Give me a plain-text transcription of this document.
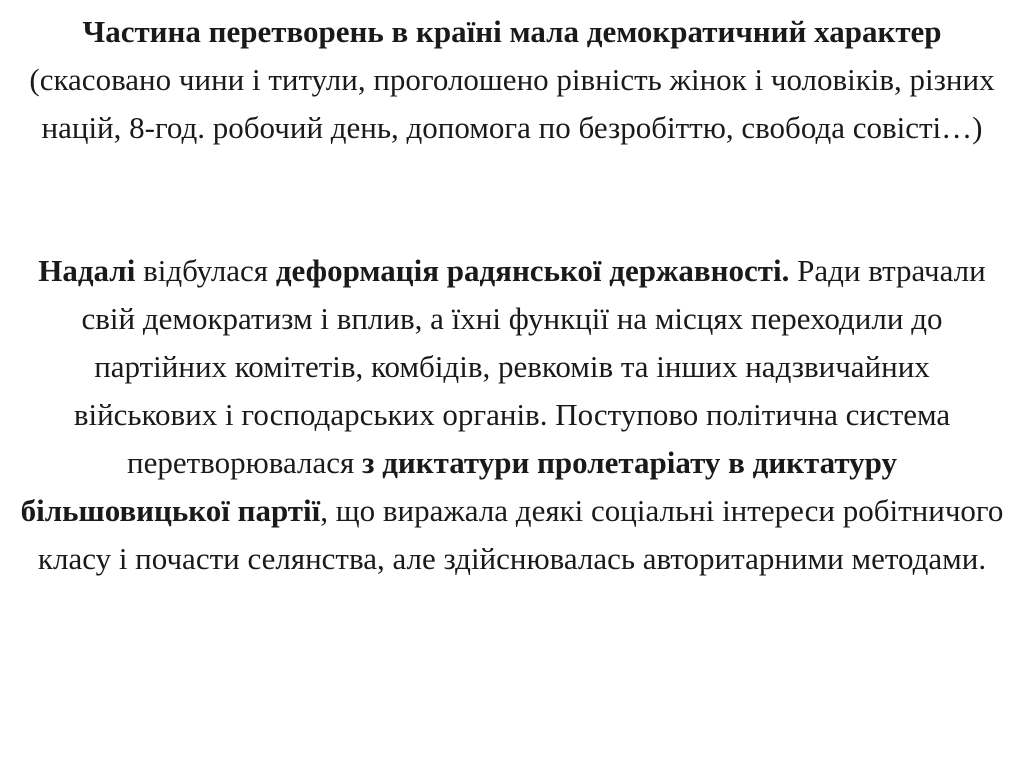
Частина перетворень в країні мала демократичний характер (скасовано чини і титули, проголошено рівність жінок і чоловіків, різних націй, 8-год. робочий день, допомога по безробіттю, свобода совісті…)

Надалі відбулася деформація радянської державності. Ради втрачали свій демократизм і вплив, а їхні функції на місцях переходили до партійних комітетів, комбідів, ревкомів та інших надзвичайних військових і господарських органів. Поступово політична система перетворювалася з диктатури пролетаріату в диктатуру більшовицької партії, що виражала деякі соціальні інтереси робітничого класу і почасти селянства, але здійснювалась авторитарними методами.
